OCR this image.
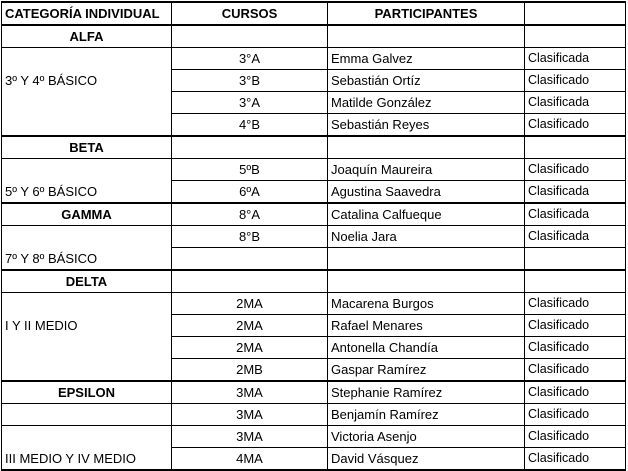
CATEGORÍA INDIVIDUAL	CURSOS	PARTICIPANTES	
ALFA			
	3°A	Emma Galvez	Clasificada
3º Y 4º BÁSICO	3°B	Sebastián Ortíz	Clasificado
	3°A	Matilde González	Clasificada
	4°B	Sebastián Reyes	Clasificado
BETA			
	5ºB	Joaquín Maureira	Clasificado
5º Y 6º BÁSICO	6ºA	Agustina Saavedra	Clasificada
GAMMA	8°A	Catalina Calfueque	Clasificada
	8°B	Noelia Jara	Clasificada
7º Y 8º BÁSICO			
DELTA			
	2MA	Macarena Burgos	Clasificado
I Y II MEDIO	2MA	Rafael Menares	Clasificado
	2MA	Antonella Chandía	Clasificado
	2MB	Gaspar Ramírez	Clasificado
EPSILON	3MA	Stephanie Ramírez	Clasificado
	3MA	Benjamín Ramírez	Clasificado
	3MA	Victoria Asenjo	Clasificado
III MEDIO Y IV MEDIO	4MA	David Vásquez	Clasificado
